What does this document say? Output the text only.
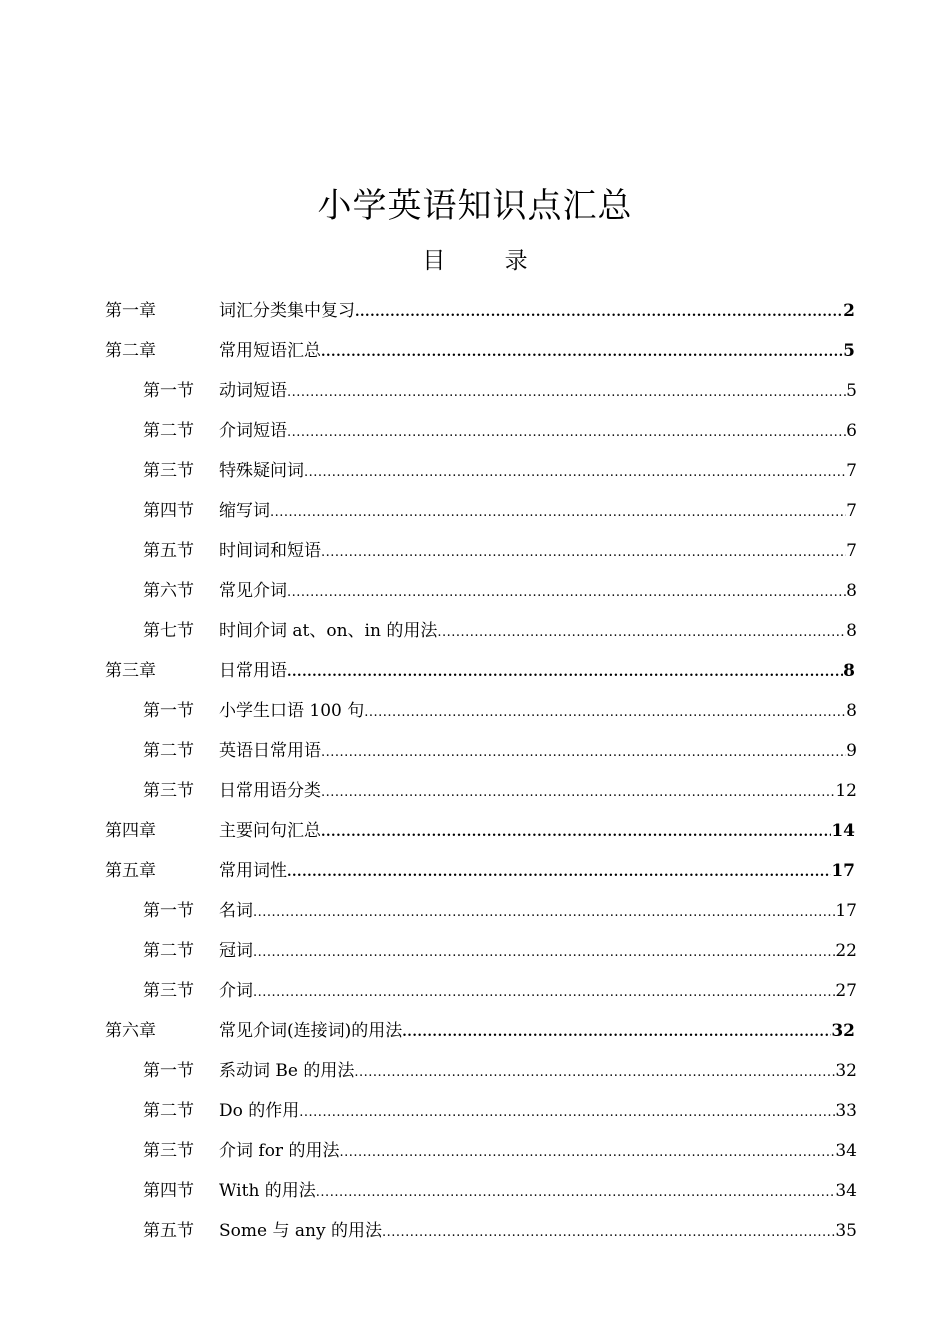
小学英语知识点汇总
目	录
第一章	词汇分类集中复习 .....	2
第二章	常用短语汇总 .....	5
第一节 动词短语 .....	5
第二节 介词短语 .....	6
第三节 特殊疑问词 .....	7
第四节 缩写词 .....	7
第五节 时间词和短语 .....	7
第六节 常见介词 .....	8
第七节 时间介词 at、on、in 的用法 .....	8
第三章	日常用语 .....	8
第一节 小学生口语 100 句 .....	8
第二节 英语日常用语 .....	9
第三节 日常用语分类 .....	12
第四章	主要问句汇总 .....	14
第五章	常用词性 .....	17
第一节 名词 .....	17
第二节 冠词 .....	22
第三节 介词 .....	27
第六章	常见介词(连接词)的用法 .....	32
第一节 系动词 Be 的用法 .....	32
第二节 Do 的作用 .....	33
第三节 介词 for 的用法 .....	34
第四节 With 的用法 .....	34
第五节 Some 与 any 的用法 .....	35
